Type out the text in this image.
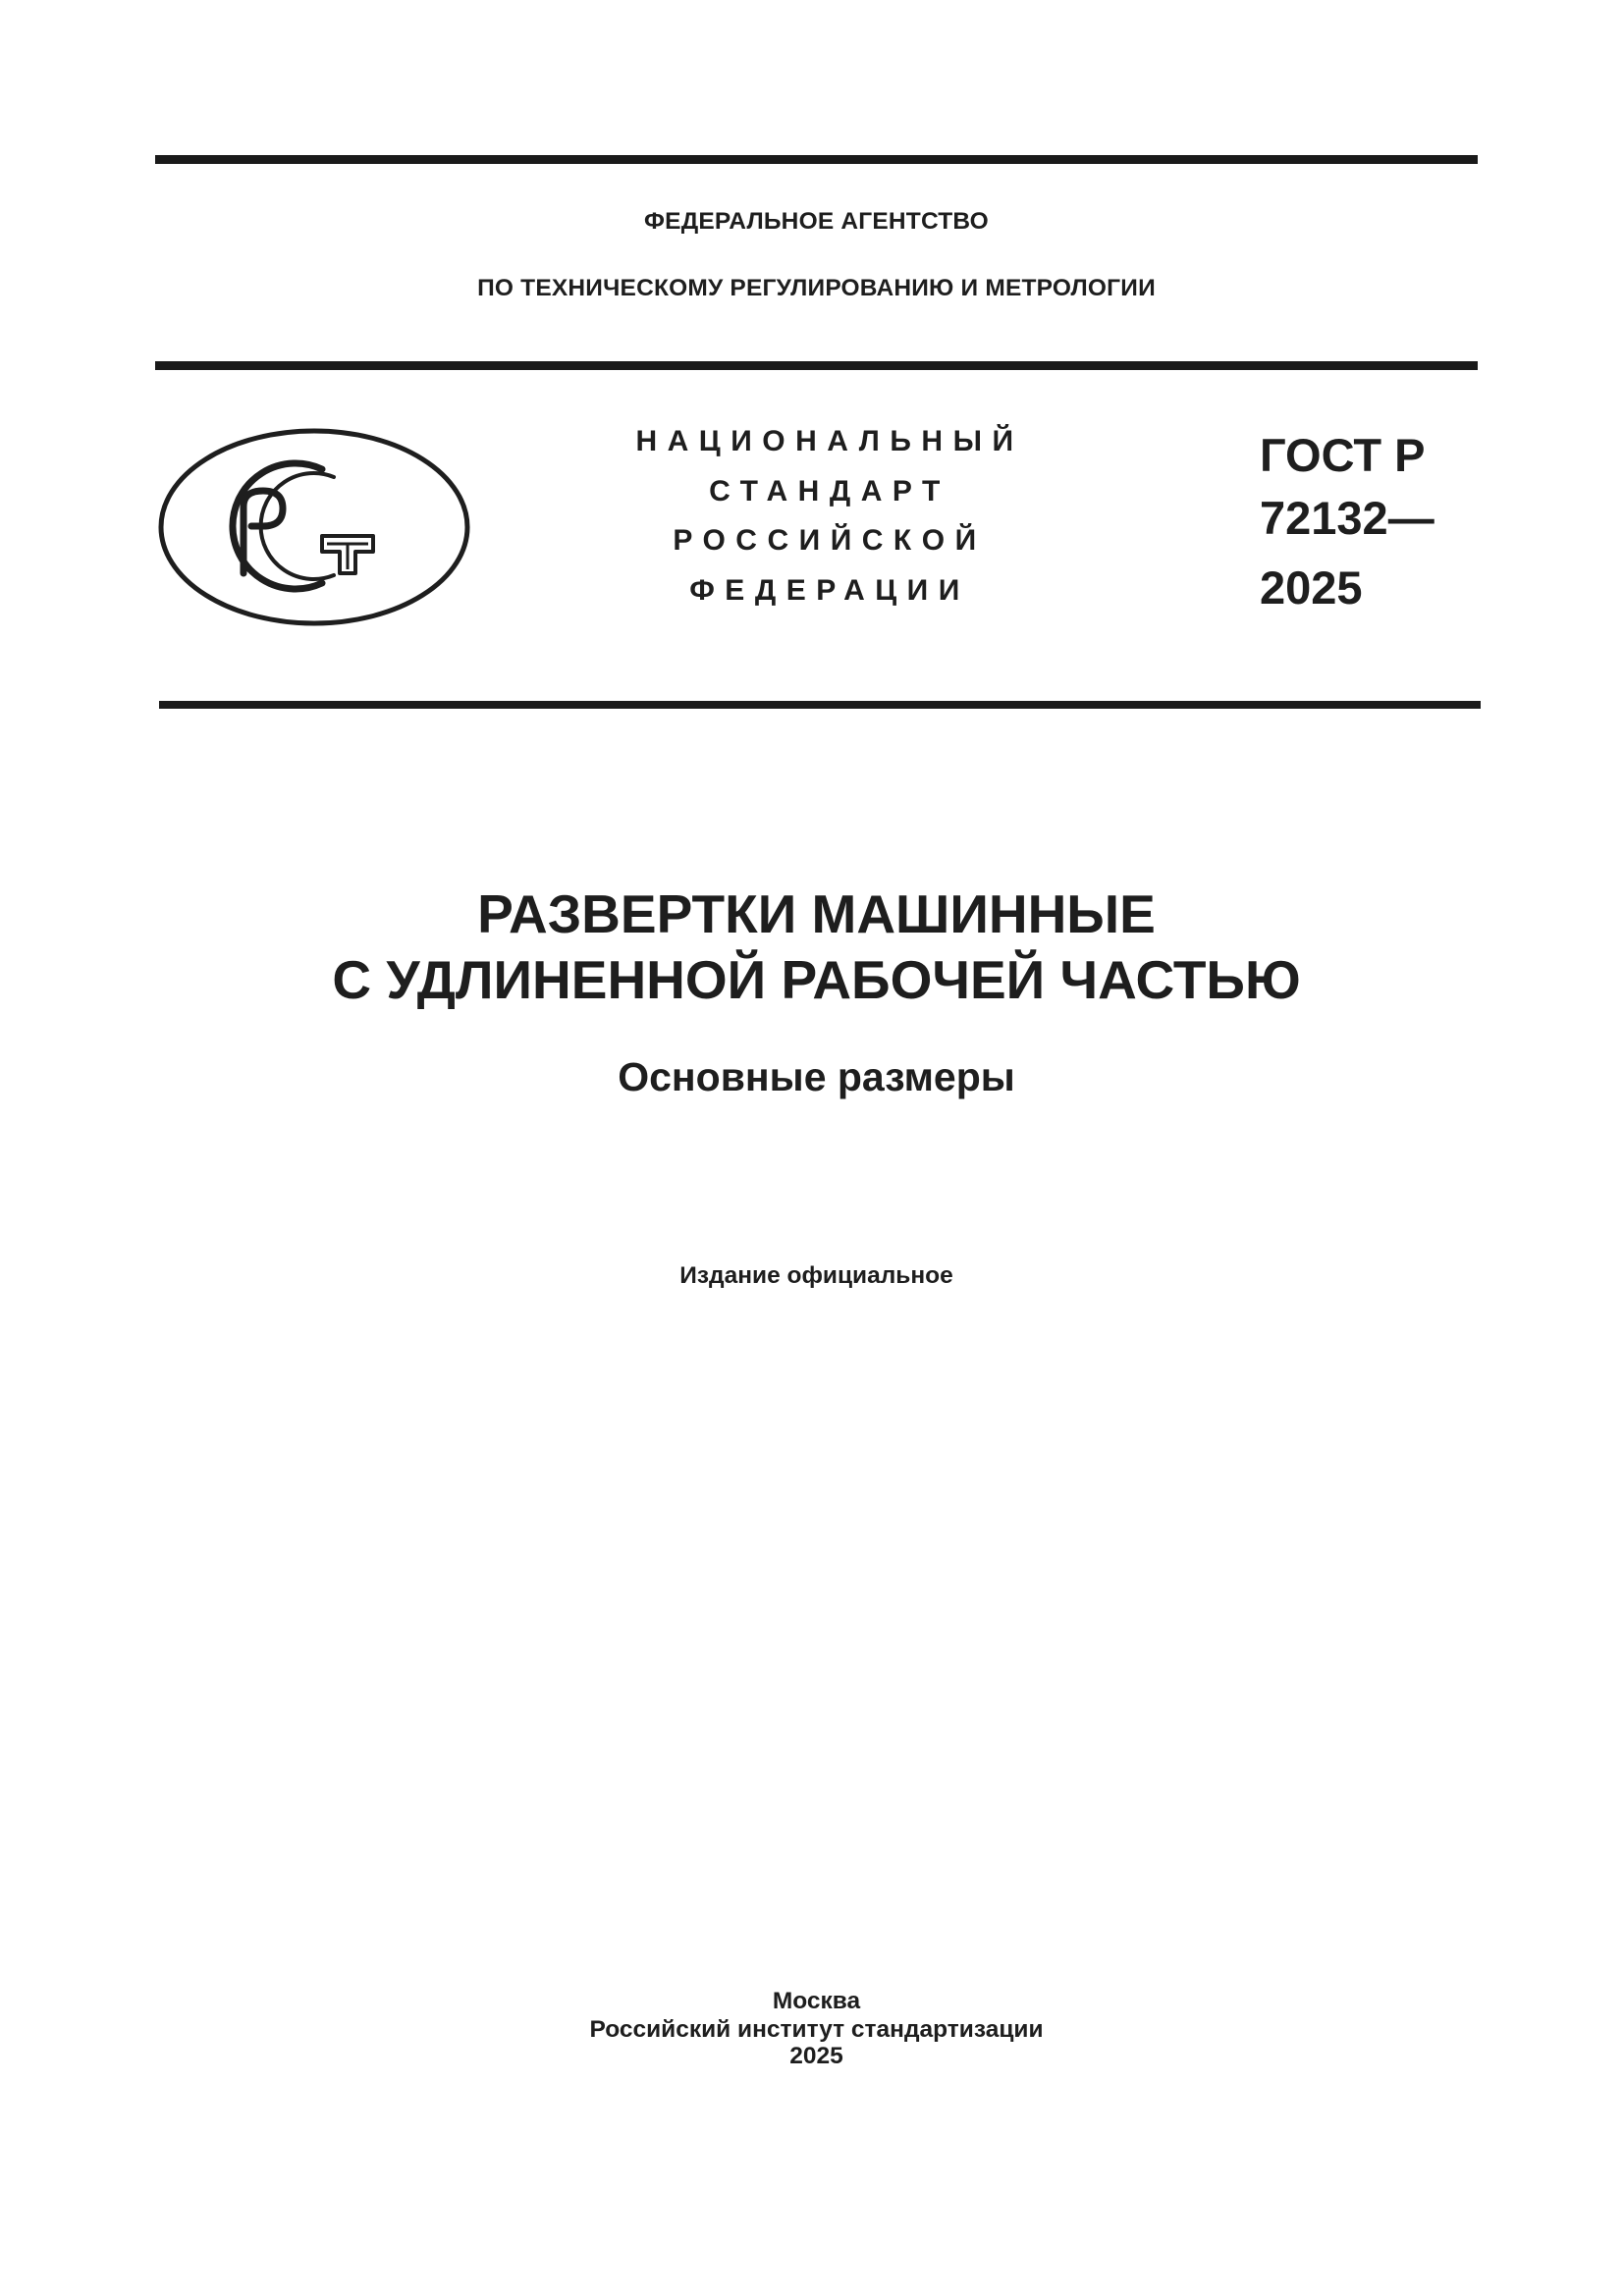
ФЕДЕРАЛЬНОЕ АГЕНТСТВО
ПО ТЕХНИЧЕСКОМУ РЕГУЛИРОВАНИЮ И МЕТРОЛОГИИ
НАЦИОНАЛЬНЫЙ
СТАНДАРТ
РОССИЙСКОЙ
ФЕДЕРАЦИИ
ГОСТ Р
72132—
2025
РАЗВЕРТКИ МАШИННЫЕ
С УДЛИНЕННОЙ РАБОЧЕЙ ЧАСТЬЮ
Основные размеры
Издание официальное
Москва
Российский институт стандартизации
2025
